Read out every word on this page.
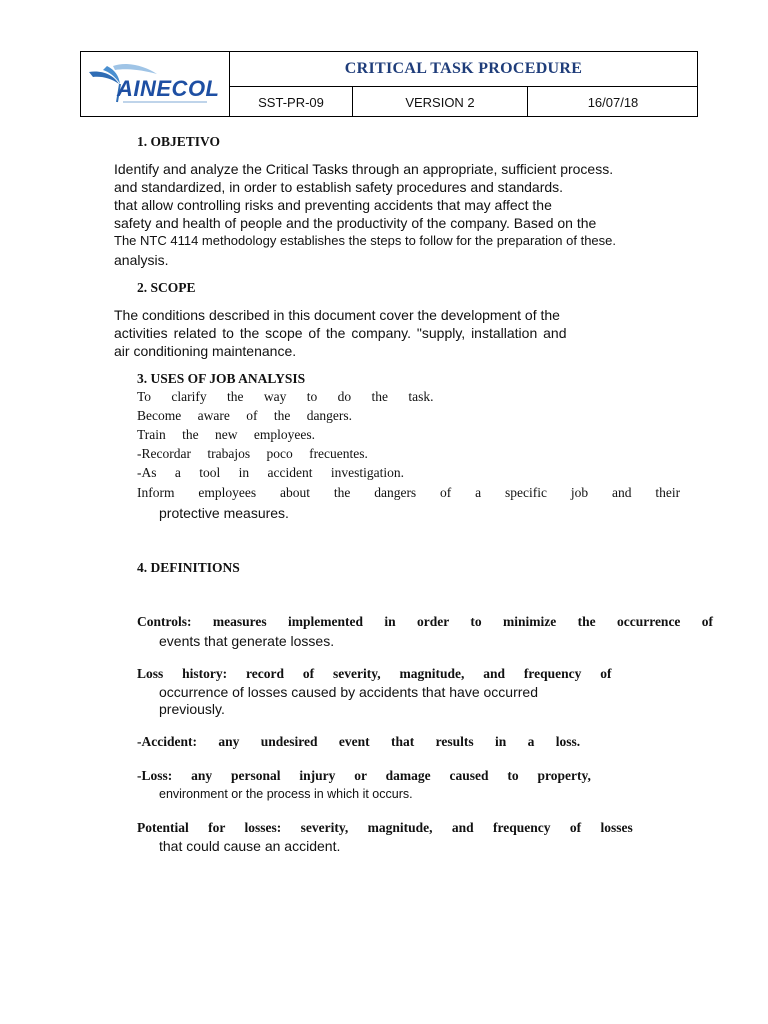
AINECOL
CRITICAL TASK PROCEDURE
SST-PR-09	VERSION 2	16/07/18
1. OBJETIVO
Identify and analyze the Critical Tasks through an appropriate, sufficient process.
and standardized, in order to establish safety procedures and standards.
that allow controlling risks and preventing accidents that may affect the
safety and health of people and the productivity of the company. Based on the
The NTC 4114 methodology establishes the steps to follow for the preparation of these.
analysis.
2. SCOPE
The conditions described in this document cover the development of the
activities related to the scope of the company. "supply, installation and
air conditioning maintenance.
3. USES OF JOB ANALYSIS
To clarify the way to do the task.
Become aware of the dangers.
Train the new employees.
-Recordar trabajos poco frecuentes.
-As a tool in accident investigation.
Inform employees about the dangers of a specific job and their
protective measures.
4. DEFINITIONS
Controls: measures implemented in order to minimize the occurrence of
events that generate losses.
Loss history: record of severity, magnitude, and frequency of
occurrence of losses caused by accidents that have occurred
previously.
-Accident: any undesired event that results in a loss.
-Loss: any personal injury or damage caused to property,
environment or the process in which it occurs.
Potential for losses: severity, magnitude, and frequency of losses
that could cause an accident.
